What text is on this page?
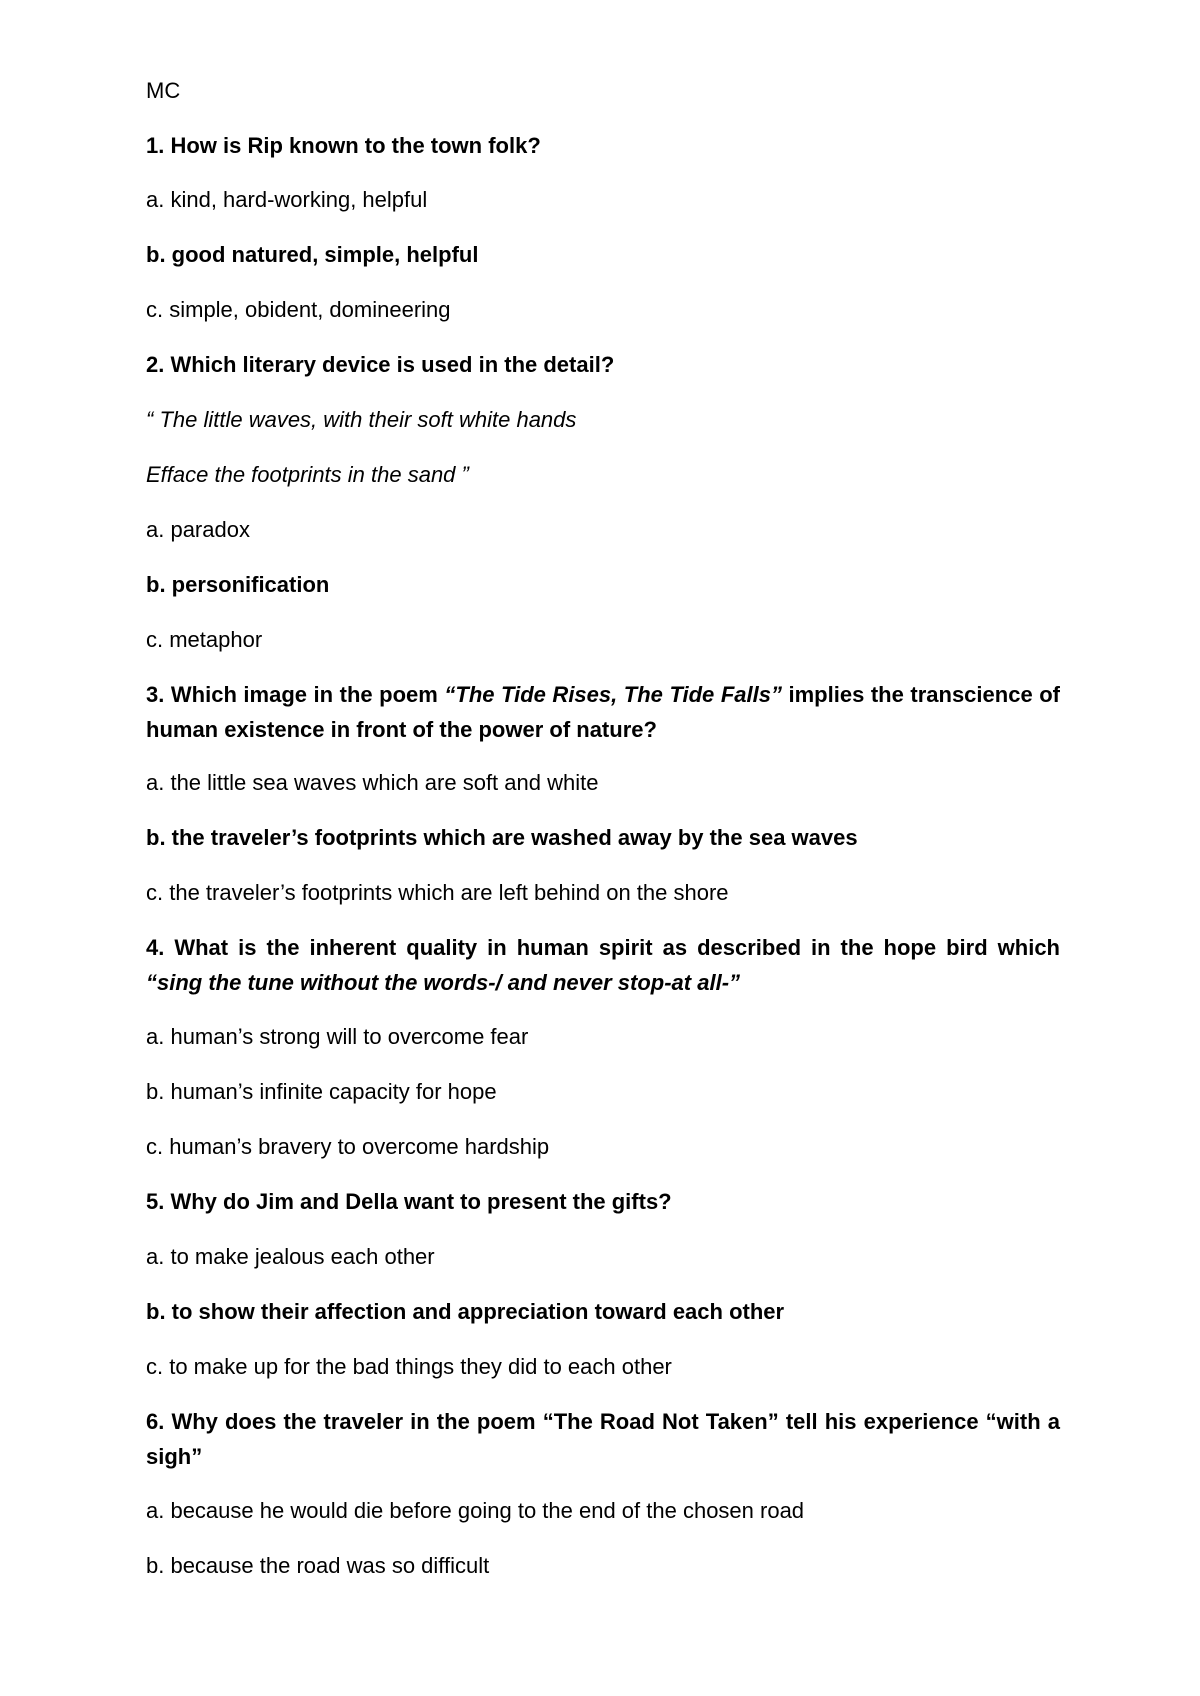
MC
1. How is Rip known to the town folk?
a. kind, hard-working, helpful
b. good natured, simple, helpful
c. simple, obident, domineering
2. Which literary device is used in the detail?
“ The little waves, with their soft white hands
Efface the footprints in the sand ”
a. paradox
b. personification
c. metaphor
3. Which image in the poem “The Tide Rises, The Tide Falls” implies the transcience of human existence in front of the power of nature?
a. the little sea waves which are soft and white
b. the traveler’s footprints which are washed away by the sea waves
c. the traveler’s footprints which are left behind on the shore
4. What is the inherent quality in human spirit as described in the hope bird which “sing the tune without the words-/ and never stop-at all-”
a. human’s strong will to overcome fear
b. human’s infinite capacity for hope
c. human’s bravery to overcome hardship
5. Why do Jim and Della want to present the gifts?
a. to make jealous each other
b. to show their affection and appreciation toward each other
c. to make up for the bad things they did to each other
6. Why does the traveler in the poem “The Road Not Taken” tell his experience “with a sigh”
a. because he would die before going to the end of the chosen road
b. because the road was so difficult
